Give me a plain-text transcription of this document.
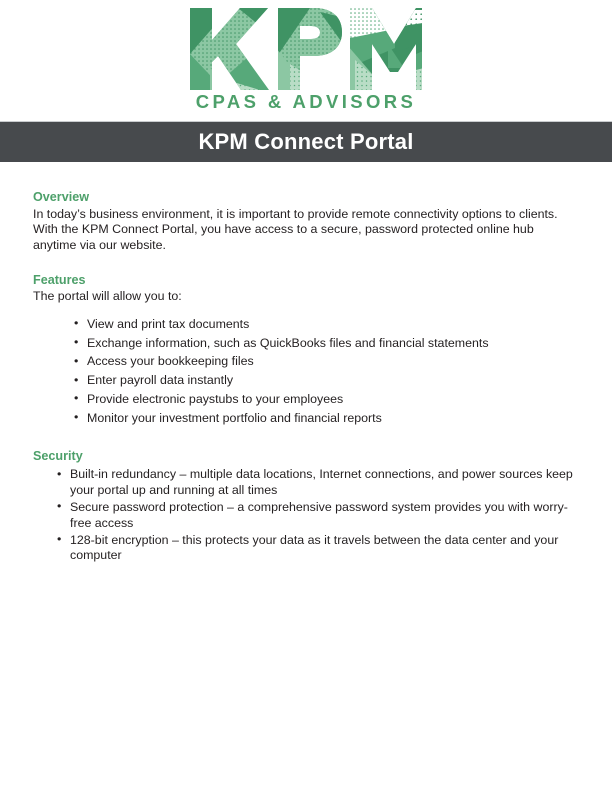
CPAS & ADVISORS
KPM Connect Portal
Overview

In today’s business environment, it is important to provide remote connectivity options to clients. With the KPM Connect Portal, you have access to a secure, password protected online hub anytime via our website.

Features

The portal will allow you to:

• View and print tax documents
• Exchange information, such as QuickBooks files and financial statements
• Access your bookkeeping files
• Enter payroll data instantly
• Provide electronic paystubs to your employees
• Monitor your investment portfolio and financial reports
Security
• Built-in redundancy – multiple data locations, Internet connections, and power sources keep your portal up and running at all times
• Secure password protection – a comprehensive password system provides you with worry-free access
• 128-bit encryption – this protects your data as it travels between the data center and your computer
